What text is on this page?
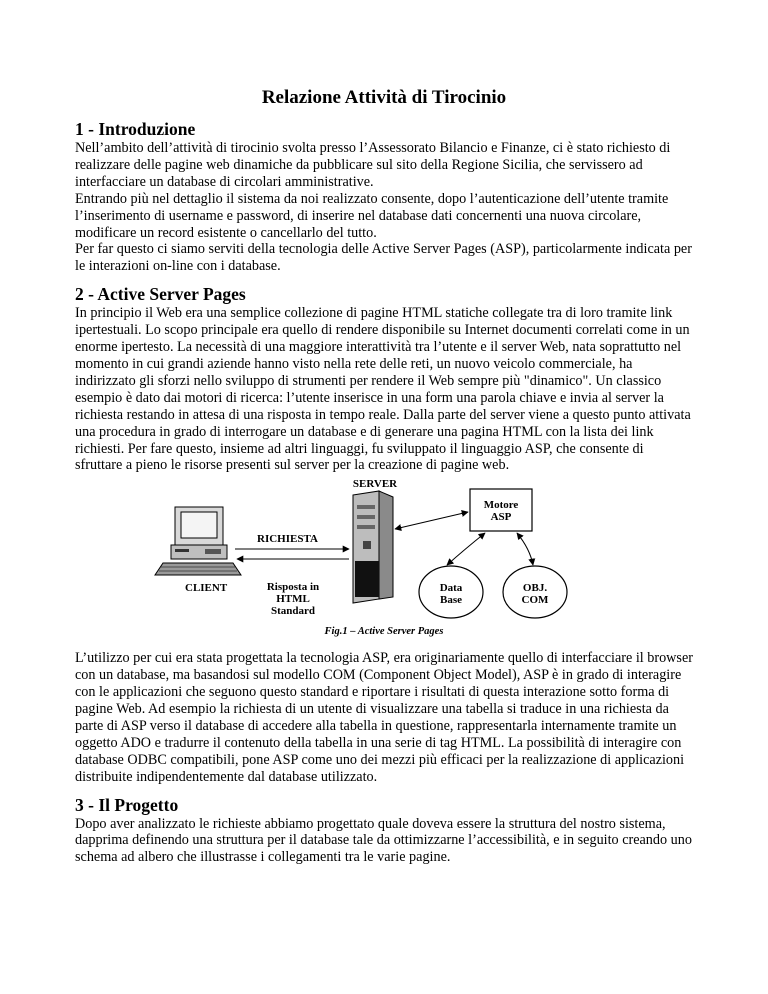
Relazione Attività di Tirocinio
1 - Introduzione

Nell’ambito dell’attività di tirocinio svolta presso l’Assessorato Bilancio e Finanze, ci è stato richiesto di realizzare delle pagine web dinamiche da pubblicare sul sito della Regione Sicilia, che servissero ad interfacciare un database di circolari amministrative.

Entrando più nel dettaglio il sistema da noi realizzato consente, dopo l’autenticazione dell’utente tramite l’inserimento di username e password, di inserire nel database dati concernenti una nuova circolare, modificare un record esistente o cancellarlo del tutto.

Per far questo ci siamo serviti della tecnologia delle Active Server Pages (ASP), particolarmente indicata per le interazioni on-line con i database.

2 - Active Server Pages

In principio il Web era una semplice collezione di pagine HTML statiche collegate tra di loro tramite link ipertestuali. Lo scopo principale era quello di rendere disponibile su Internet documenti correlati come in un enorme ipertesto. La necessità di una maggiore interattività tra l’utente e il server Web, nata soprattutto nel momento in cui grandi aziende hanno visto nella rete delle reti, un nuovo veicolo commerciale, ha indirizzato gli sforzi nello sviluppo di strumenti per rendere il Web sempre più "dinamico". Un classico esempio è dato dai motori di ricerca: l’utente inserisce in una form una parola chiave e invia al server la richiesta restando in attesa di una risposta in tempo reale. Dalla parte del server viene a questo punto attivata una procedura in grado di interrogare un database e di generare una pagina HTML con la lista dei link richiesti. Per fare questo, insieme ad altri linguaggi, fu sviluppato il linguaggio ASP, che consente di sfruttare a pieno le risorse presenti sul server per la creazione di pagine web.

SERVER
CLIENT
RICHIESTA
Risposta in
HTML
Standard
Motore
ASP
Data
Base
OBJ.
COM
Fig.1 – Active Server Pages

L’utilizzo per cui era stata progettata la tecnologia ASP, era originariamente quello di interfacciare il browser con un database, ma basandosi sul modello COM (Component Object Model), ASP è in grado di interagire con le applicazioni che seguono questo standard e riportare i risultati di questa interazione sotto forma di pagine Web. Ad esempio la richiesta di un utente di visualizzare una tabella si traduce in una richiesta da parte di ASP verso il database di accedere alla tabella in questione, rappresentarla internamente tramite un oggetto ADO e tradurre il contenuto della tabella in una serie di tag HTML. La possibilità di interagire con database ODBC compatibili, pone ASP come uno dei mezzi più efficaci per la realizzazione di applicazioni distribuite indipendentemente dal database utilizzato.

3 - Il Progetto

Dopo aver analizzato le richieste abbiamo progettato quale doveva essere la struttura del nostro sistema, dapprima definendo una struttura per il database tale da ottimizzarne l’accessibilità, e in seguito creando uno schema ad albero che illustrasse i collegamenti tra le varie pagine.
